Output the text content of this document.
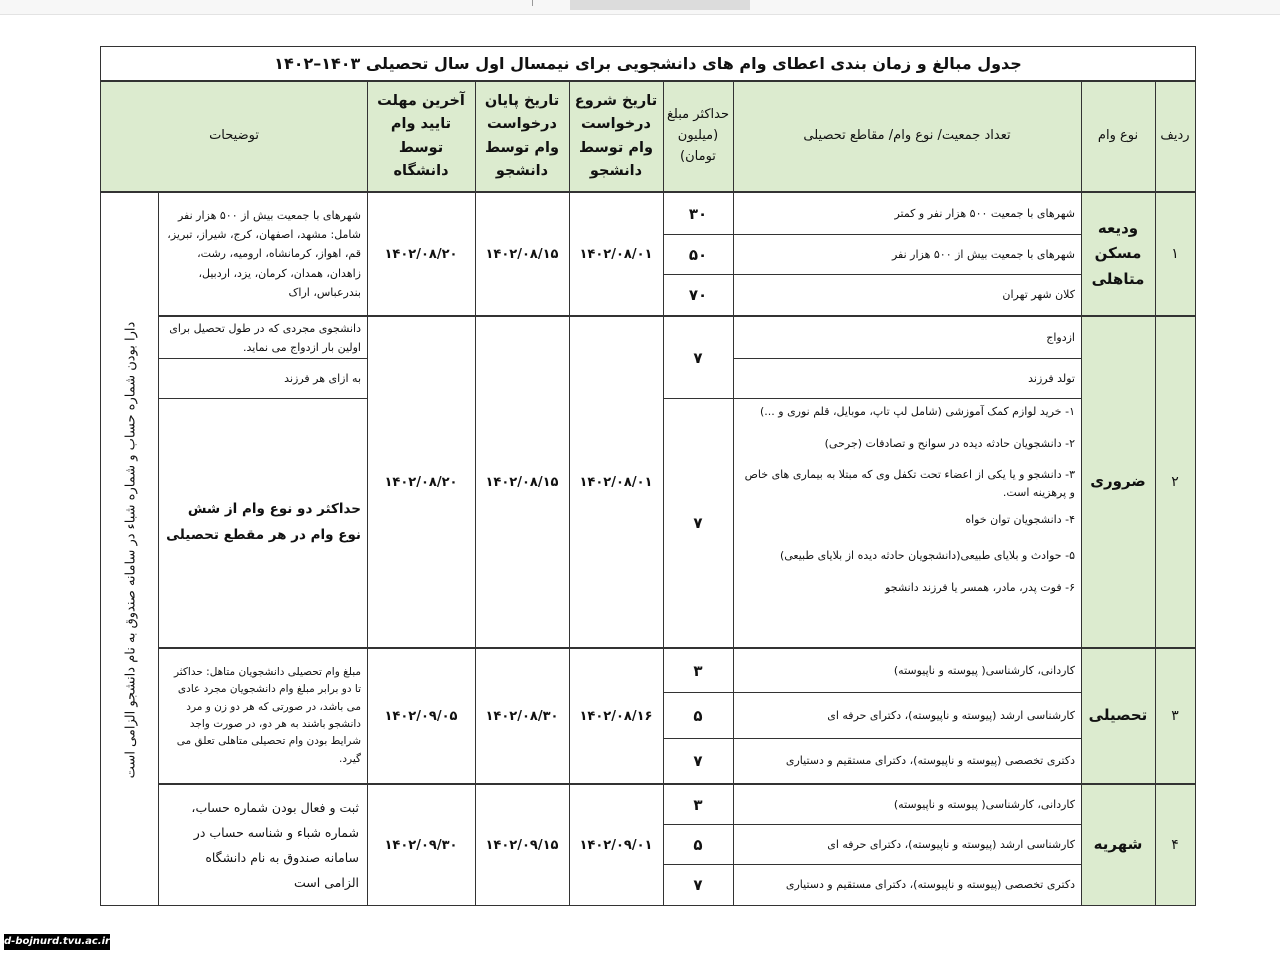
جدول مبالغ و زمان بندی اعطای وام های دانشجویی برای نیمسال اول سال تحصیلی ۱۴۰۳–۱۴۰۲
ردیف
نوع وام
تعداد جمعیت/ نوع وام/ مقاطع تحصیلی
حداکثر مبلغ (میلیون تومان)
تاریخ شروع درخواست وام توسط دانشجو
تاریخ پایان درخواست وام توسط دانشجو
آخرین مهلت تایید وام توسط دانشگاه
توضیحات
دارا بودن شماره حساب و شماره شباء در سامانه صندوق به نام دانشجو الزامی است
۱
ودیعه مسکن متاهلی
شهرهای با جمعیت ۵۰۰ هزار نفر و کمتر
شهرهای با جمعیت بیش از ۵۰۰ هزار نفر
کلان شهر تهران
۳۰
۵۰
۷۰
۱۴۰۲/۰۸/۰۱
۱۴۰۲/۰۸/۱۵
۱۴۰۲/۰۸/۲۰
شهرهای با جمعیت بیش از ۵۰۰ هزار نفر شامل: مشهد، اصفهان، کرج، شیراز، تبریز، قم، اهواز، کرمانشاه، ارومیه، رشت، زاهدان، همدان، کرمان، یزد، اردبیل، بندرعباس، اراک
۲
ضروری
ازدواج
تولد فرزند
۷
۱- خرید لوازم کمک آموزشی (شامل لپ تاپ، موبایل، قلم نوری و ...)
۲- دانشجویان حادثه دیده در سوانح و تصادفات (جرحی)
۳- دانشجو و یا یکی از اعضاء تحت تکفل وی که مبتلا به بیماری های خاص و پرهزینه است.
۴- دانشجویان توان خواه
۵- حوادث و بلایای طبیعی(دانشجویان حادثه دیده از بلایای طبیعی)
۶- فوت پدر، مادر، همسر یا فرزند دانشجو
۷
۱۴۰۲/۰۸/۰۱
۱۴۰۲/۰۸/۱۵
۱۴۰۲/۰۸/۲۰
دانشجوی مجردی که در طول تحصیل برای اولین بار ازدواج می نماید.
به ازای هر فرزند
حداکثر دو نوع وام از شش نوع وام در هر مقطع تحصیلی
۳
تحصیلی
کاردانی، کارشناسی( پیوسته و ناپیوسته)
کارشناسی ارشد (پیوسته و ناپیوسته)، دکترای حرفه ای
دکتری تخصصی (پیوسته و ناپیوسته)، دکترای مستقیم و دستیاری
۳
۵
۷
۱۴۰۲/۰۸/۱۶
۱۴۰۲/۰۸/۳۰
۱۴۰۲/۰۹/۰۵
مبلغ وام تحصیلی دانشجویان متاهل: حداکثر تا دو برابر مبلغ وام دانشجویان مجرد عادی می باشد، در صورتی که هر دو زن و مرد دانشجو باشند به هر دو، در صورت واجد شرایط بودن وام تحصیلی متاهلی تعلق می گیرد.
۴
شهریه
کاردانی، کارشناسی( پیوسته و ناپیوسته)
کارشناسی ارشد (پیوسته و ناپیوسته)، دکترای حرفه ای
دکتری تخصصی (پیوسته و ناپیوسته)، دکترای مستقیم و دستیاری
۳
۵
۷
۱۴۰۲/۰۹/۰۱
۱۴۰۲/۰۹/۱۵
۱۴۰۲/۰۹/۳۰
ثبت و فعال بودن شماره حساب، شماره شباء و شناسه حساب در سامانه صندوق به نام دانشگاه الزامی است
d-bojnurd.tvu.ac.ir
